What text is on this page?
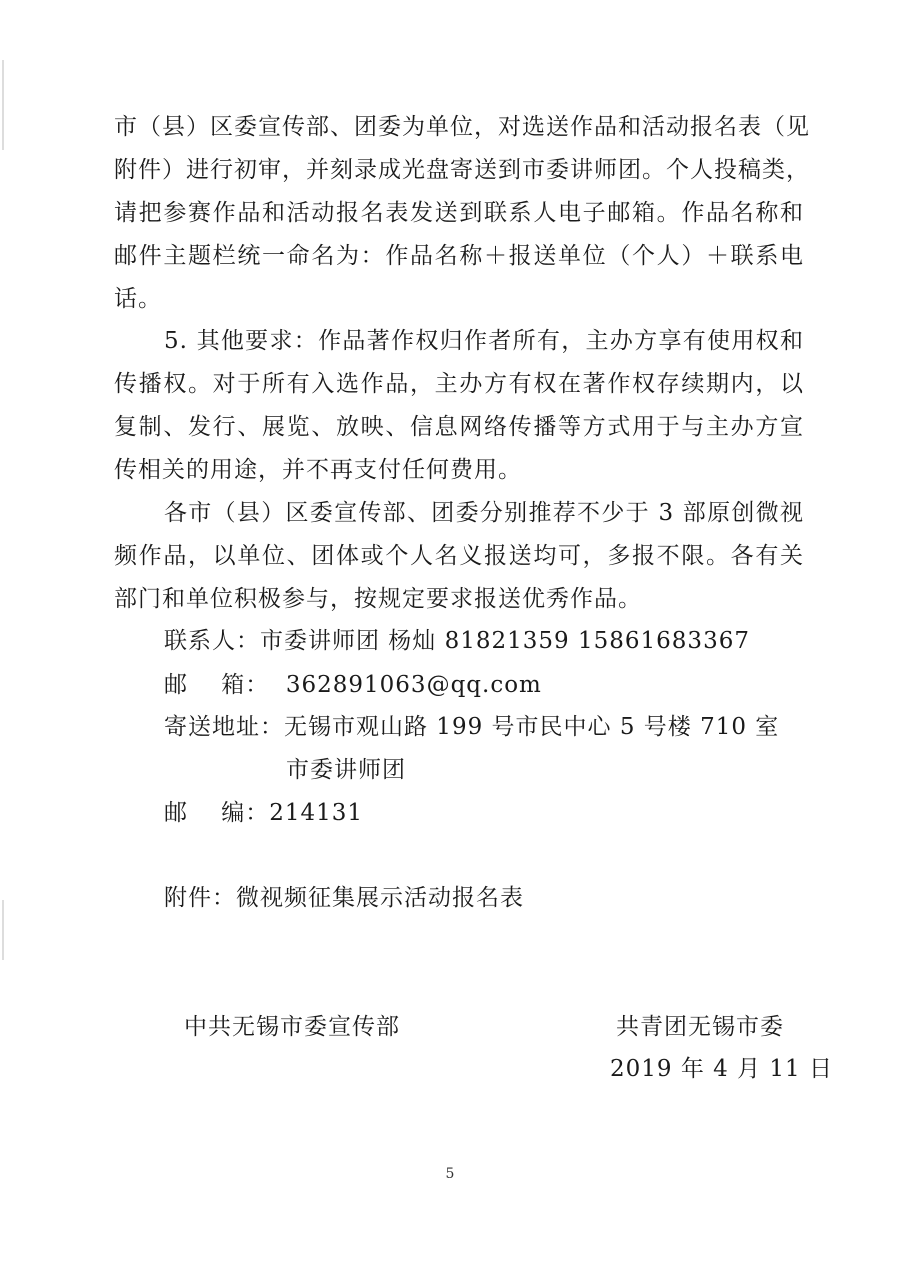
市（县）区委宣传部、团委为单位，对选送作品和活动报名表（见
附件）进行初审，并刻录成光盘寄送到市委讲师团。个人投稿类，
请把参赛作品和活动报名表发送到联系人电子邮箱。作品名称和
邮件主题栏统一命名为：作品名称＋报送单位（个人）＋联系电
话。
5. 其他要求：作品著作权归作者所有，主办方享有使用权和
传播权。对于所有入选作品，主办方有权在著作权存续期内，以
复制、发行、展览、放映、信息网络传播等方式用于与主办方宣
传相关的用途，并不再支付任何费用。
各市（县）区委宣传部、团委分别推荐不少于 3 部原创微视
频作品，以单位、团体或个人名义报送均可，多报不限。各有关
部门和单位积极参与，按规定要求报送优秀作品。
联系人：市委讲师团 杨灿 81821359 15861683367
邮    箱：  362891063@qq.com
寄送地址：无锡市观山路 199 号市民中心 5 号楼 710 室
市委讲师团
邮    编：214131
附件：微视频征集展示活动报名表
中共无锡市委宣传部	共青团无锡市委
2019 年 4 月 11 日
5
